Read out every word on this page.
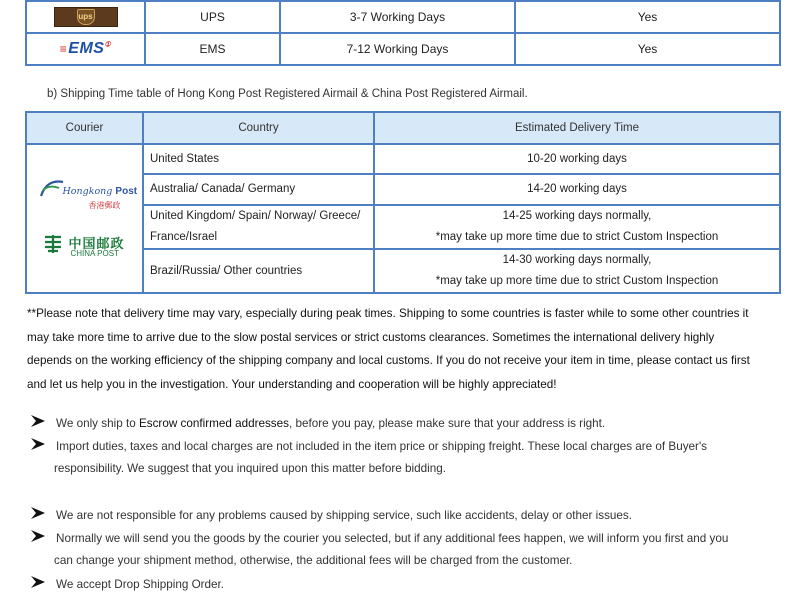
ups	UPS	3-7 Working Days	Yes
≡EMS①	EMS	7-12 Working Days	Yes
b) Shipping Time table of Hong Kong Post Registered Airmail & China Post Registered Airmail.
Courier	Country	Estimated Delivery Time

Hongkong Post
香港郵政

中国邮政
CHINA POST	United States	10-20 working days

	Australia/ Canada/ Germany	14-20 working days

	United Kingdom/ Spain/ Norway/ Greece/
France/Israel	14-25 working days normally,
*may take up more time due to strict Custom Inspection

	Brazil/Russia/ Other countries	14-30 working days normally,
*may take up more time due to strict Custom Inspection
**Please note that delivery time may vary, especially during peak times. Shipping to some countries is faster while to some other countries it
may take more time to arrive due to the slow postal services or strict customs clearances. Sometimes the international delivery highly
depends on the working efficiency of the shipping company and local customs. If you do not receive your item in time, please contact us first
and let us help you in the investigation. Your understanding and cooperation will be highly appreciated!
We only ship to Escrow confirmed addresses, before you pay, please make sure that your address is right.
Import duties, taxes and local charges are not included in the item price or shipping freight. These local charges are of Buyer's
responsibility. We suggest that you inquired upon this matter before bidding.
We are not responsible for any problems caused by shipping service, such like accidents, delay or other issues.
Normally we will send you the goods by the courier you selected, but if any additional fees happen, we will inform you first and you
can change your shipment method, otherwise, the additional fees will be charged from the customer.
We accept Drop Shipping Order.
